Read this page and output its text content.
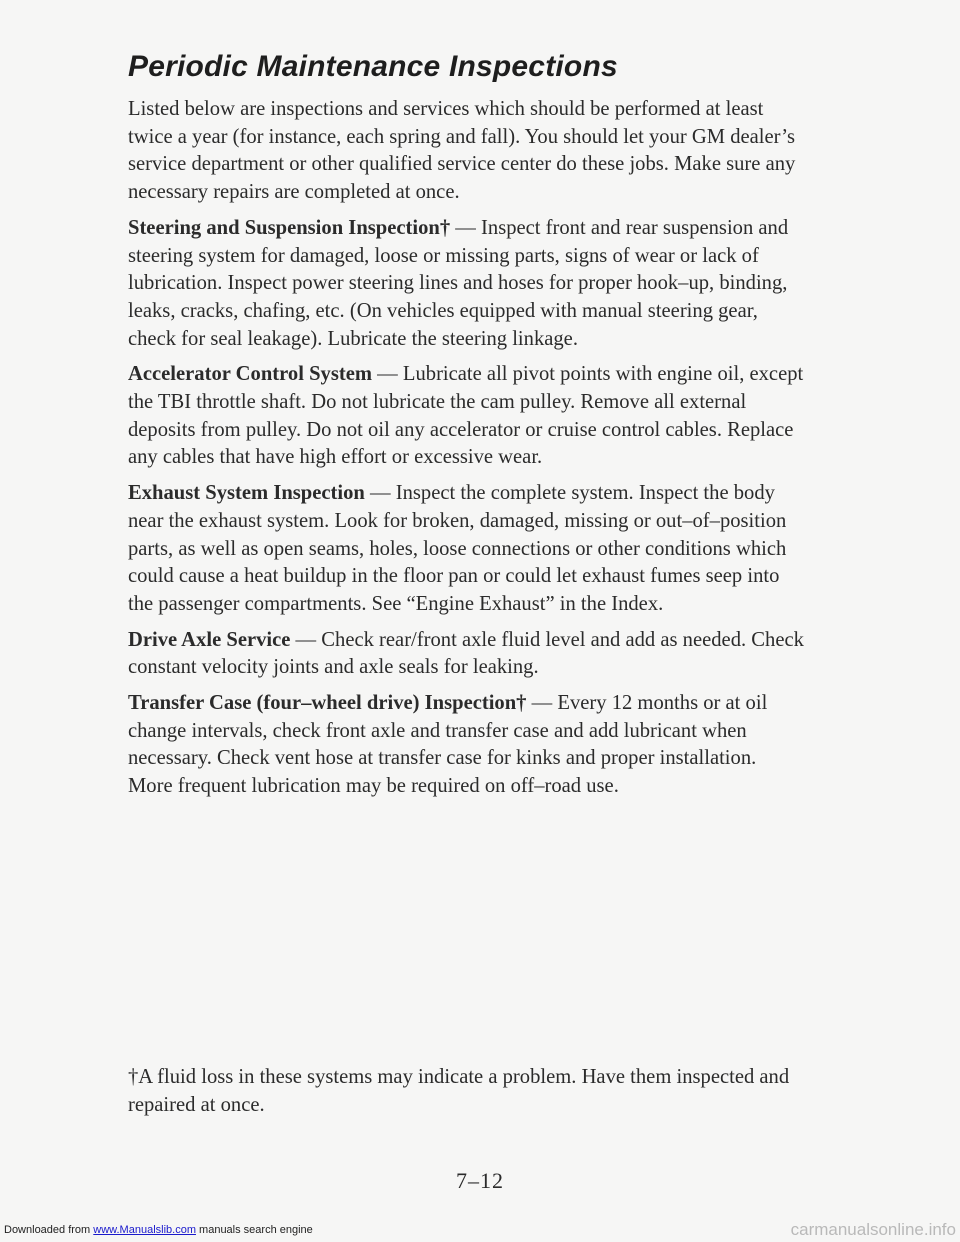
Periodic Maintenance Inspections

Listed below are inspections and services which should be performed at least twice a year (for instance, each spring and fall). You should let your GM dealer’s service department or other qualified service center do these jobs. Make sure any necessary repairs are completed at once.

Steering and Suspension Inspection† — Inspect front and rear suspension and steering system for damaged, loose or missing parts, signs of wear or lack of lubrication. Inspect power steering lines and hoses for proper hook–up, binding, leaks, cracks, chafing, etc. (On vehicles equipped with manual steering gear, check for seal leakage). Lubricate the steering linkage.

Accelerator Control System — Lubricate all pivot points with engine oil, except the TBI throttle shaft. Do not lubricate the cam pulley. Remove all external deposits from pulley. Do not oil any accelerator or cruise control cables. Replace any cables that have high effort or excessive wear.

Exhaust System Inspection — Inspect the complete system. Inspect the body near the exhaust system. Look for broken, damaged, missing or out–of–position parts, as well as open seams, holes, loose connections or other conditions which could cause a heat buildup in the floor pan or could let exhaust fumes seep into the passenger compartments. See “Engine Exhaust” in the Index.

Drive Axle Service — Check rear/front axle fluid level and add as needed. Check constant velocity joints and axle seals for leaking.

Transfer Case (four–wheel drive) Inspection† — Every 12 months or at oil change intervals, check front axle and transfer case and add lubricant when necessary. Check vent hose at transfer case for kinks and proper installation. More frequent lubrication may be required on off–road use.

†A fluid loss in these systems may indicate a problem. Have them inspected and repaired at once.

7–12

Downloaded from www.Manualslib.com manuals search engine	carmanualsonline.info
